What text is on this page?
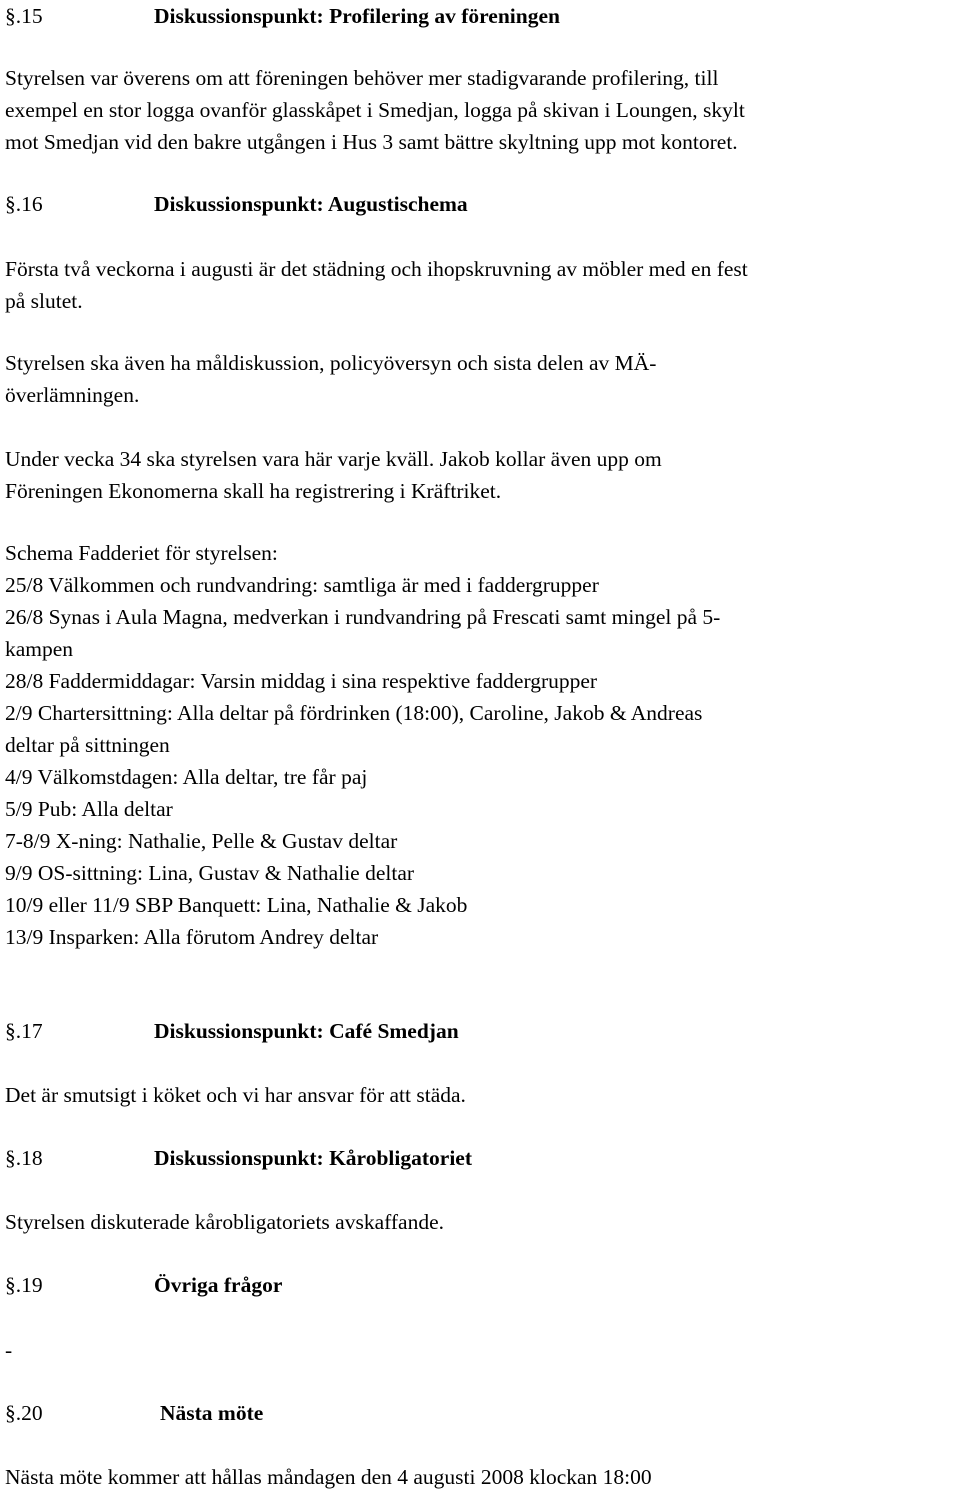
§.15	Diskussionspunkt: Profilering av föreningen
Styrelsen var överens om att föreningen behöver mer stadigvarande profilering, till
exempel en stor logga ovanför glasskåpet i Smedjan, logga på skivan i Loungen, skylt
mot Smedjan vid den bakre utgången i Hus 3 samt bättre skyltning upp mot kontoret.
§.16	Diskussionspunkt: Augustischema
Första två veckorna i augusti är det städning och ihopskruvning av möbler med en fest
på slutet.
Styrelsen ska även ha måldiskussion, policyöversyn och sista delen av MÄ-
överlämningen.
Under vecka 34 ska styrelsen vara här varje kväll. Jakob kollar även upp om
Föreningen Ekonomerna skall ha registrering i Kräftriket.
Schema Fadderiet för styrelsen:
25/8 Välkommen och rundvandring: samtliga är med i faddergrupper
26/8 Synas i Aula Magna, medverkan i rundvandring på Frescati samt mingel på 5-
kampen
28/8 Faddermiddagar: Varsin middag i sina respektive faddergrupper
2/9 Chartersittning: Alla deltar på fördrinken (18:00), Caroline, Jakob & Andreas
deltar på sittningen
4/9 Välkomstdagen: Alla deltar, tre får paj
5/9 Pub: Alla deltar
7-8/9 X-ning: Nathalie, Pelle & Gustav deltar
9/9 OS-sittning: Lina, Gustav & Nathalie deltar
10/9 eller 11/9 SBP Banquett: Lina, Nathalie & Jakob
13/9 Insparken: Alla förutom Andrey deltar
§.17	Diskussionspunkt: Café Smedjan
Det är smutsigt i köket och vi har ansvar för att städa.
§.18	Diskussionspunkt: Kårobligatoriet
Styrelsen diskuterade kårobligatoriets avskaffande.
§.19	Övriga frågor
-
§.20	Nästa möte
Nästa möte kommer att hållas måndagen den 4 augusti 2008 klockan 18:00
